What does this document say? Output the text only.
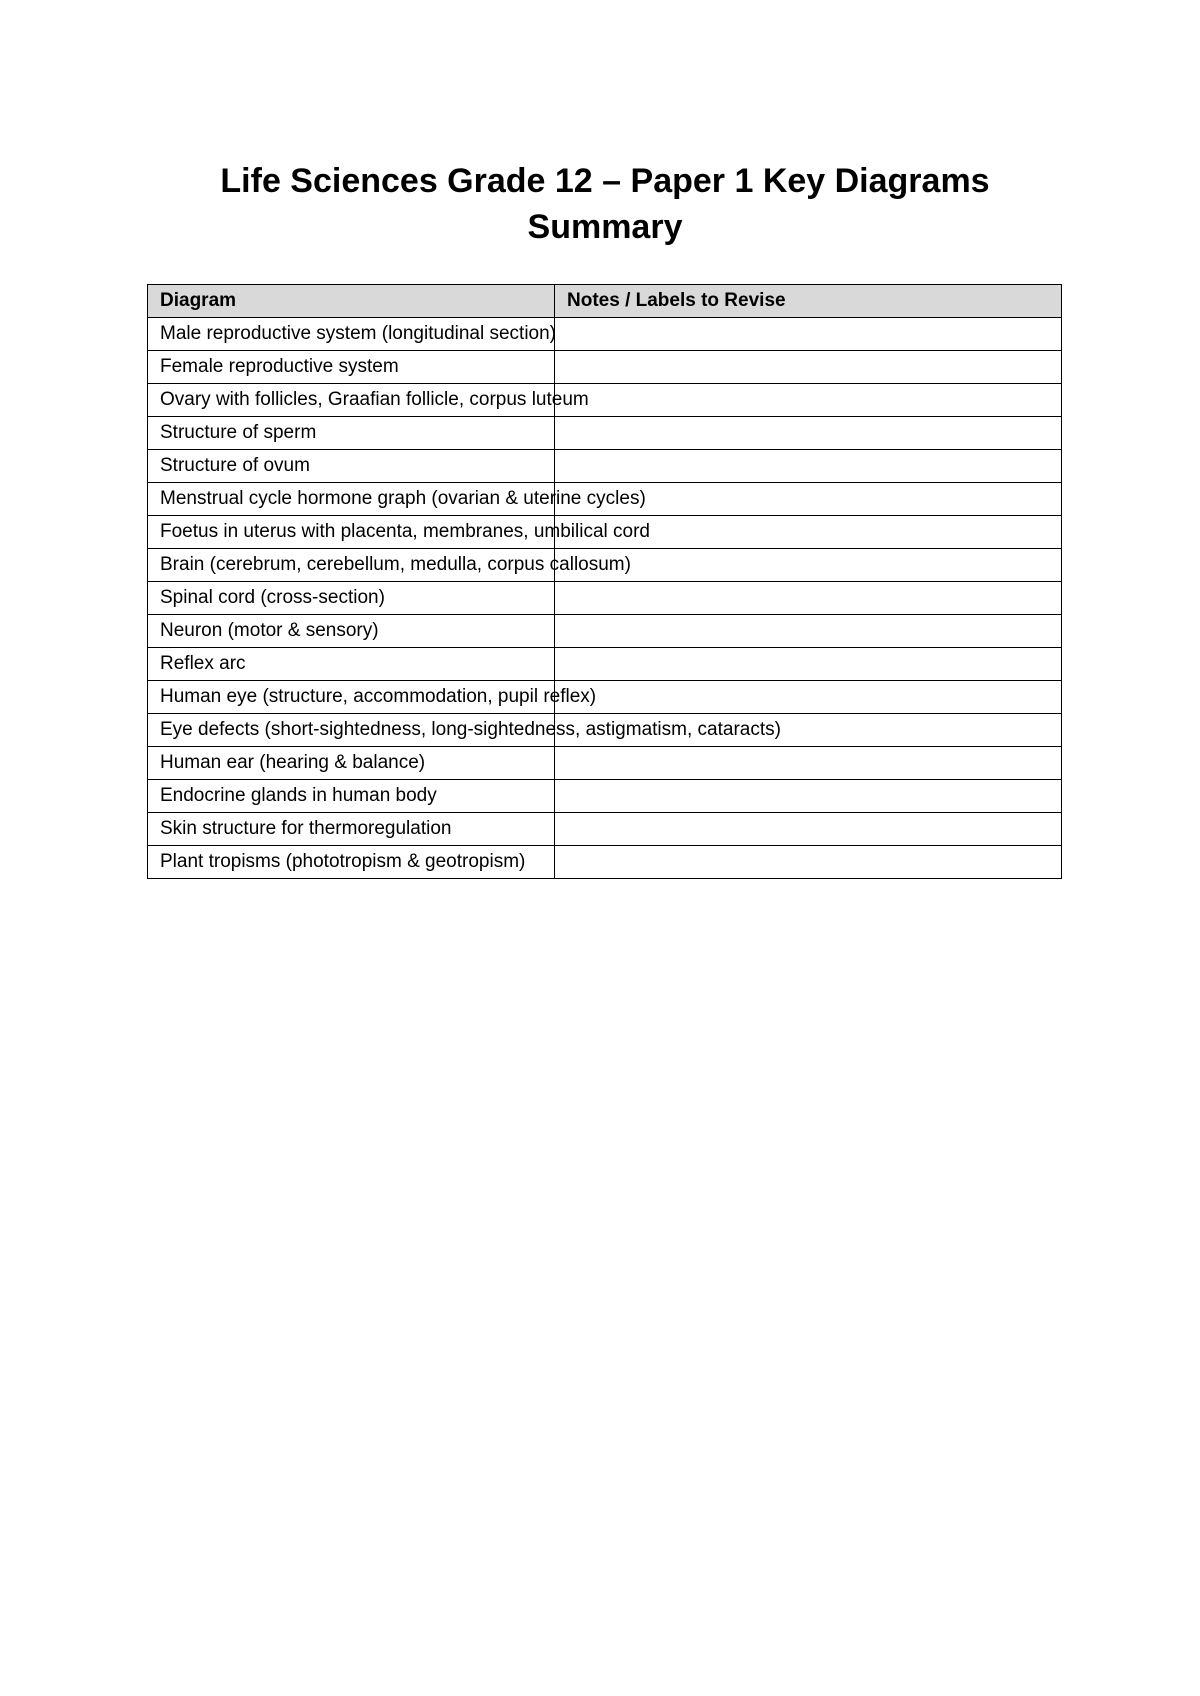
Life Sciences Grade 12 – Paper 1 Key Diagrams Summary
Diagram	Notes / Labels to Revise
Male reproductive system (longitudinal section)	
Female reproductive system	
Ovary with follicles, Graafian follicle, corpus luteum	
Structure of sperm	
Structure of ovum	
Menstrual cycle hormone graph (ovarian & uterine cycles)	
Foetus in uterus with placenta, membranes, umbilical cord	
Brain (cerebrum, cerebellum, medulla, corpus callosum)	
Spinal cord (cross-section)	
Neuron (motor & sensory)	
Reflex arc	
Human eye (structure, accommodation, pupil reflex)	
Eye defects (short-sightedness, long-sightedness, astigmatism, cataracts)	
Human ear (hearing & balance)	
Endocrine glands in human body	
Skin structure for thermoregulation	
Plant tropisms (phototropism & geotropism)	
